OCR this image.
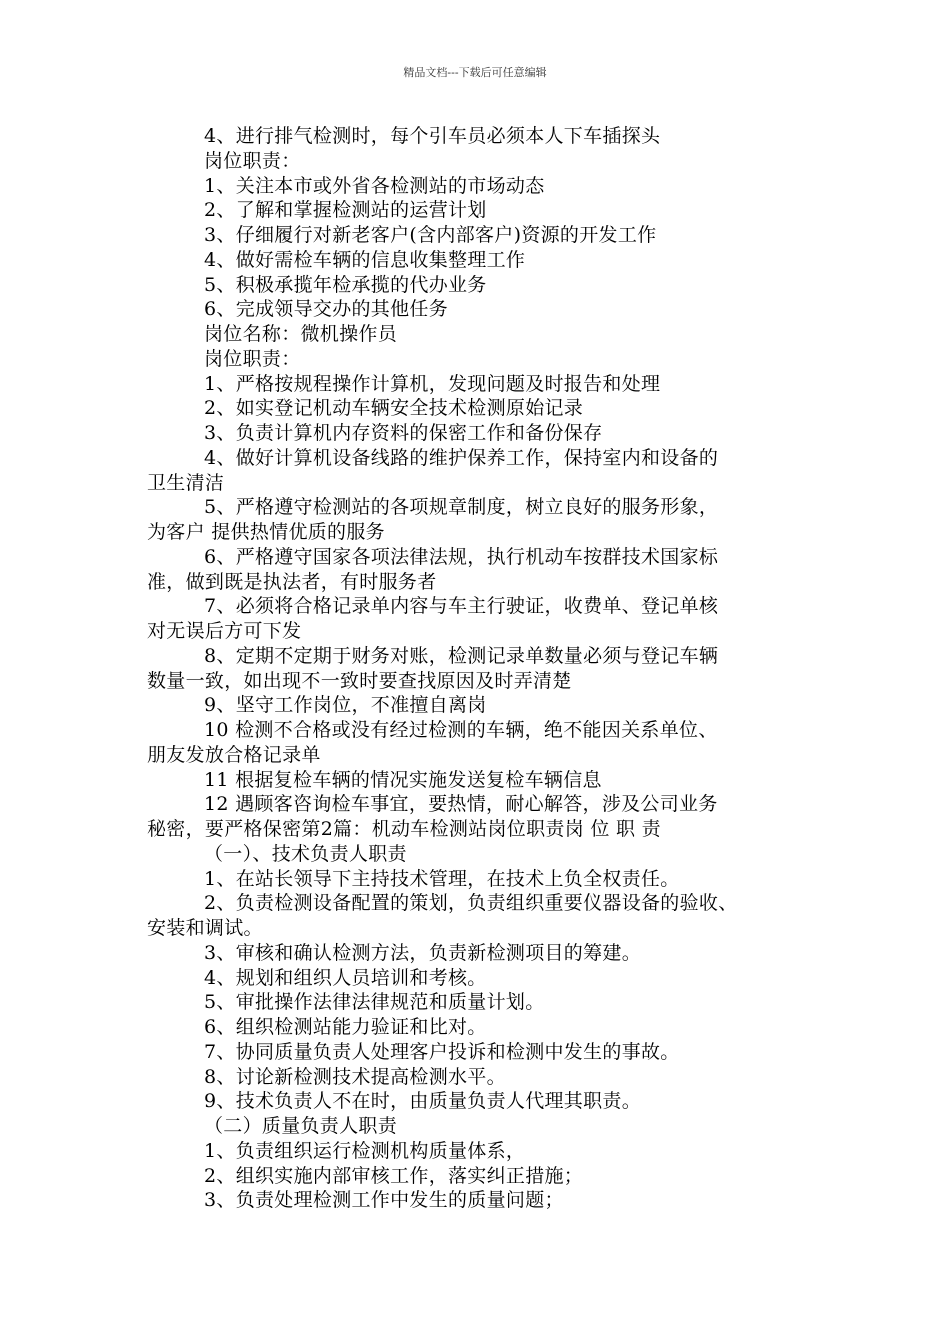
精品文档---下载后可任意编辑
4、进行排气检测时，每个引车员必须本人下车插探头
岗位职责：
1、关注本市或外省各检测站的市场动态
2、了解和掌握检测站的运营计划
3、仔细履行对新老客户(含内部客户)资源的开发工作
4、做好需检车辆的信息收集整理工作
5、积极承揽年检承揽的代办业务
6、完成领导交办的其他任务
岗位名称：微机操作员
岗位职责：
1、严格按规程操作计算机，发现问题及时报告和处理
2、如实登记机动车辆安全技术检测原始记录
3、负责计算机内存资料的保密工作和备份保存
4、做好计算机设备线路的维护保养工作，保持室内和设备的
卫生清洁
5、严格遵守检测站的各项规章制度，树立良好的服务形象，
为客户 提供热情优质的服务
6、严格遵守国家各项法律法规，执行机动车按群技术国家标
准，做到既是执法者，有时服务者
7、必须将合格记录单内容与车主行驶证，收费单、登记单核
对无误后方可下发
8、定期不定期于财务对账，检测记录单数量必须与登记车辆
数量一致，如出现不一致时要查找原因及时弄清楚
9、坚守工作岗位，不准擅自离岗
10 检测不合格或没有经过检测的车辆，绝不能因关系单位、
朋友发放合格记录单
11 根据复检车辆的情况实施发送复检车辆信息
12 遇顾客咨询检车事宜，要热情，耐心解答，涉及公司业务
秘密，要严格保密第2篇：机动车检测站岗位职责岗 位 职 责
（一）、技术负责人职责
1、在站长领导下主持技术管理，在技术上负全权责任。
2、负责检测设备配置的策划，负责组织重要仪器设备的验收、
安装和调试。
3、审核和确认检测方法，负责新检测项目的筹建。
4、规划和组织人员培训和考核。
5、审批操作法律法律规范和质量计划。
6、组织检测站能力验证和比对。
7、协同质量负责人处理客户投诉和检测中发生的事故。
8、讨论新检测技术提高检测水平。
9、技术负责人不在时，由质量负责人代理其职责。
（二）质量负责人职责
1、负责组织运行检测机构质量体系，
2、组织实施内部审核工作，落实纠正措施；
3、负责处理检测工作中发生的质量问题；
